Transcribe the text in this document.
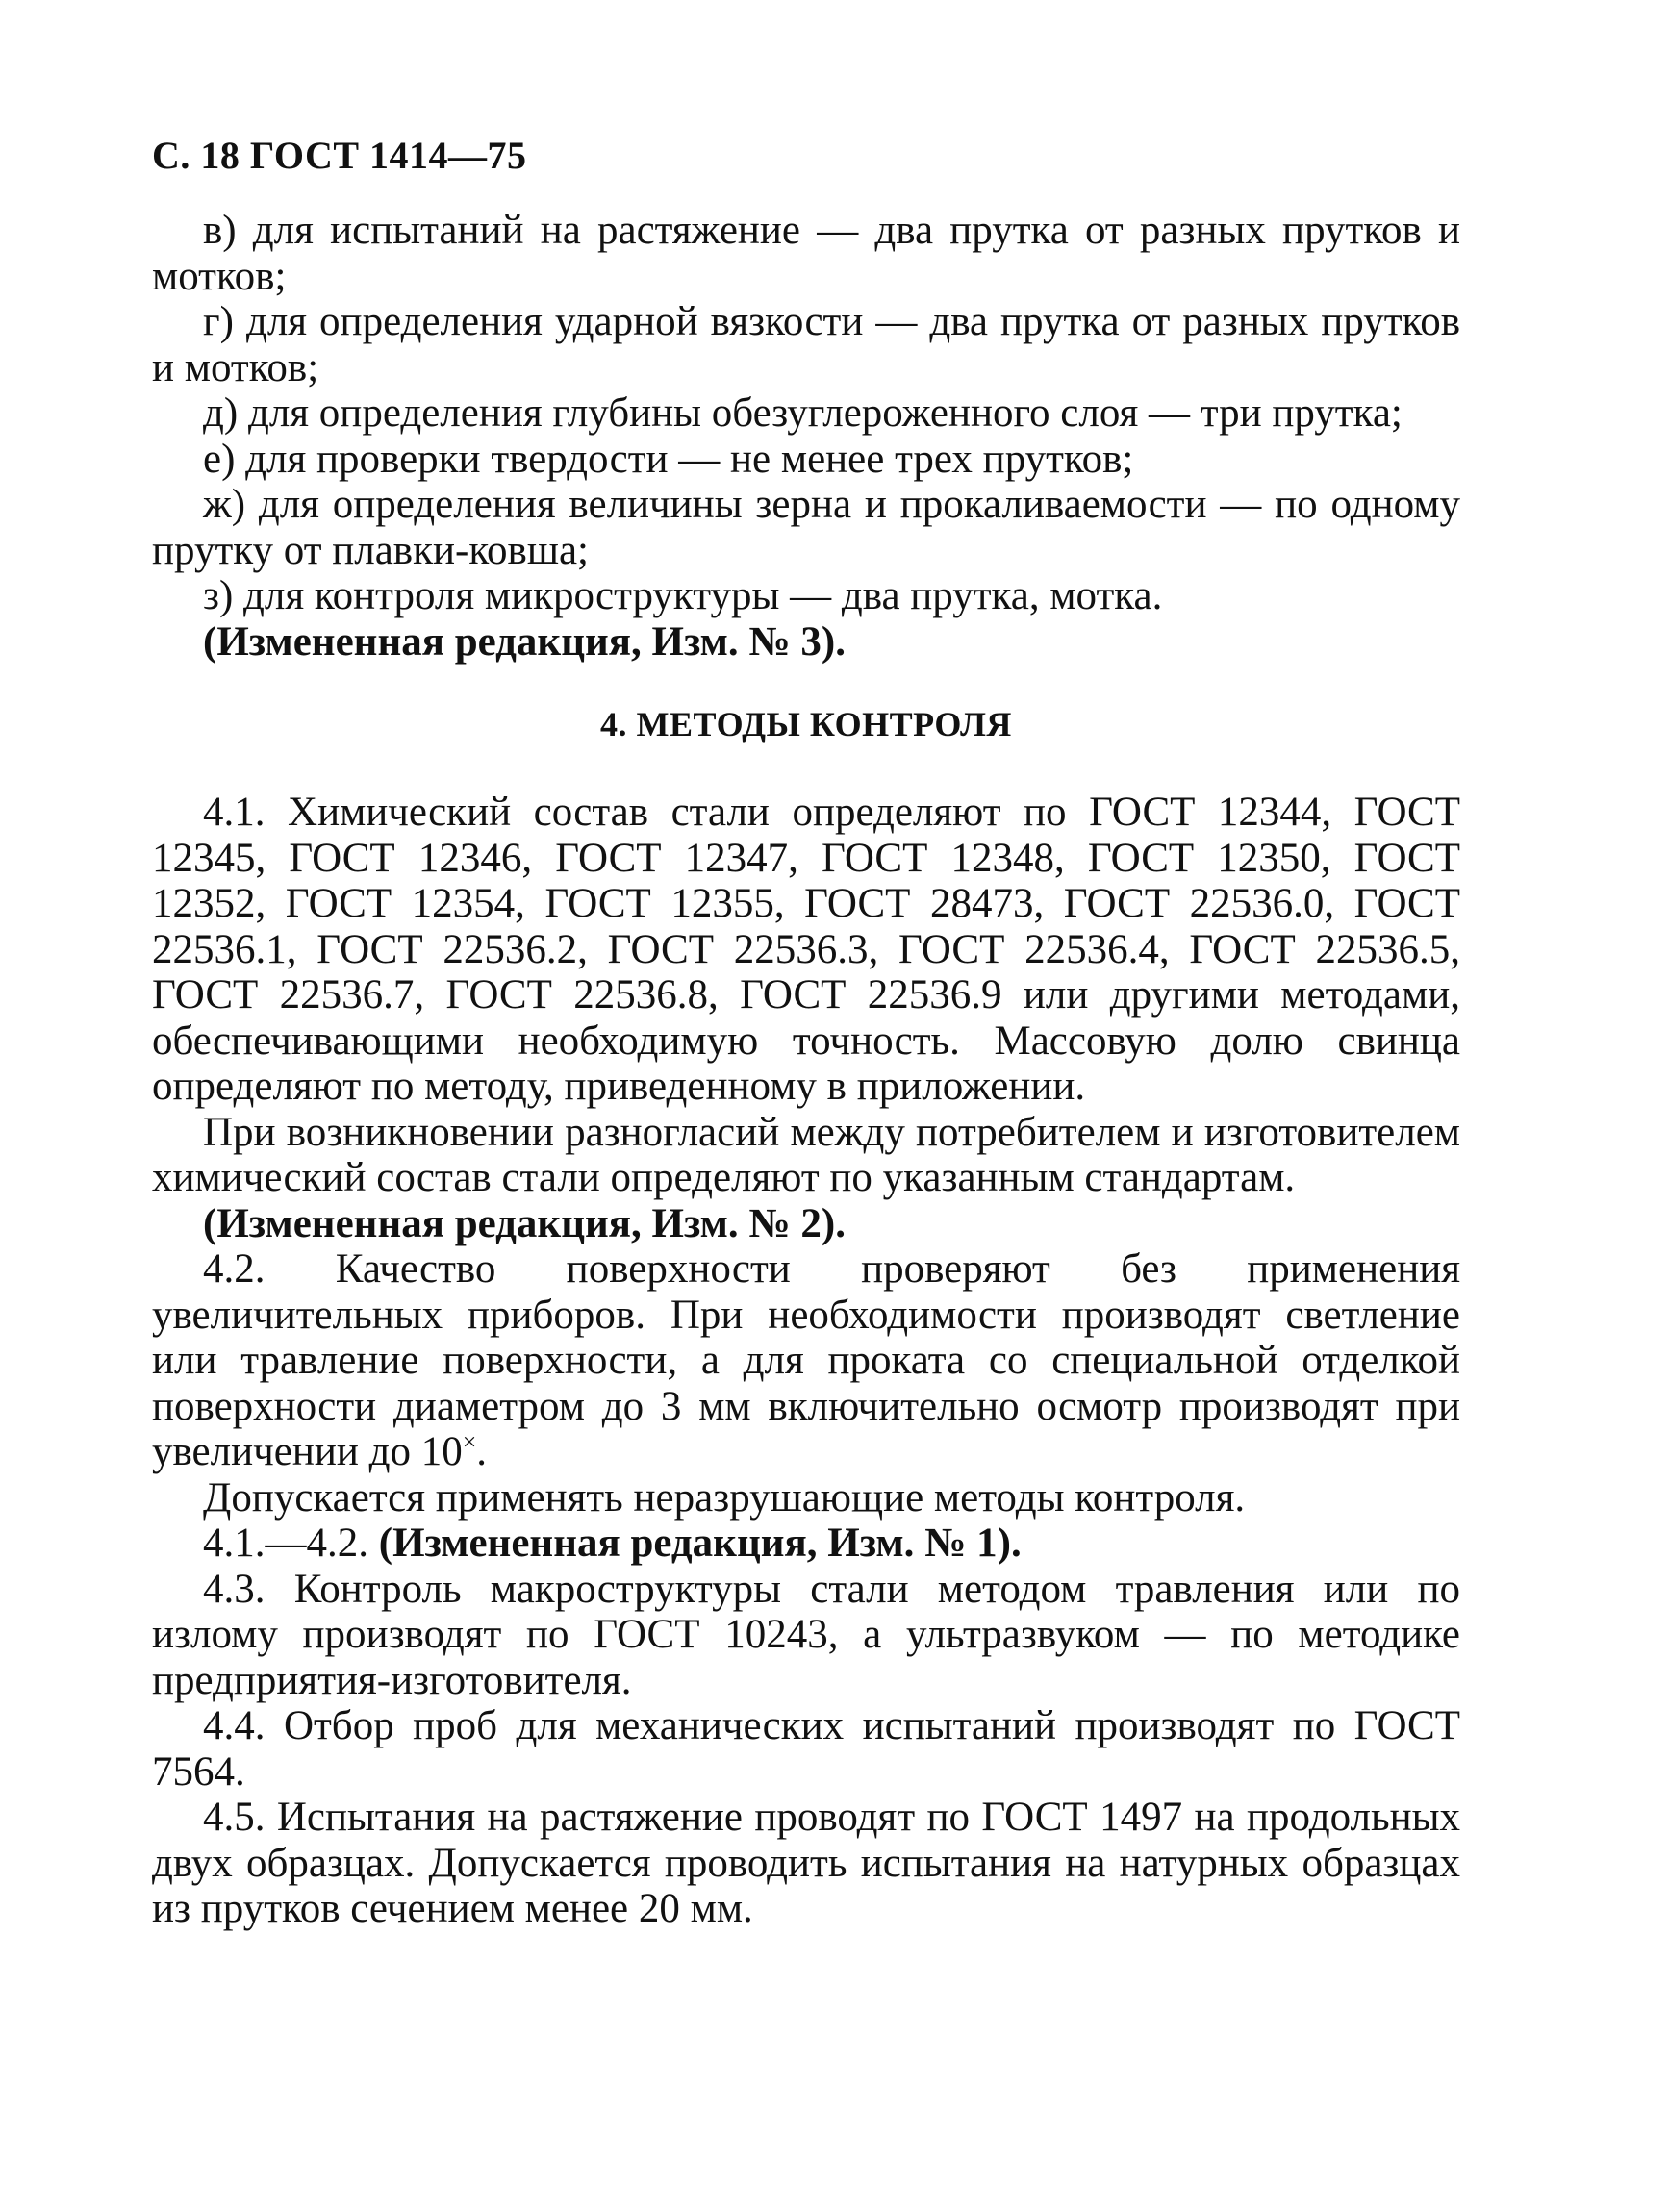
С. 18 ГОСТ 1414—75

в) для испытаний на растяжение — два прутка от разных прутков и мотков;

г) для определения ударной вязкости — два прутка от разных прутков и мотков;

д) для определения глубины обезуглероженного слоя — три прутка;

е) для проверки твердости — не менее трех прутков;

ж) для определения величины зерна и прокаливаемости — по одному прутку от плавки-ковша;

з) для контроля микроструктуры — два прутка, мотка.

(Измененная редакция, Изм. № 3).

4. МЕТОДЫ КОНТРОЛЯ

4.1. Химический состав стали определяют по ГОСТ 12344, ГОСТ 12345, ГОСТ 12346, ГОСТ 12347, ГОСТ 12348, ГОСТ 12350, ГОСТ 12352, ГОСТ 12354, ГОСТ 12355, ГОСТ 28473, ГОСТ 22536.0, ГОСТ 22536.1, ГОСТ 22536.2, ГОСТ 22536.3, ГОСТ 22536.4, ГОСТ 22536.5, ГОСТ 22536.7, ГОСТ 22536.8, ГОСТ 22536.9 или другими методами, обеспечивающими необходимую точность. Массовую долю свинца определяют по методу, приведенному в приложении.

При возникновении разногласий между потребителем и изготовителем химический состав стали определяют по указанным стандартам.

(Измененная редакция, Изм. № 2).

4.2. Качество поверхности проверяют без применения увеличительных приборов. При необходимости производят светление или травление поверхности, а для проката со специальной отделкой поверхности диаметром до 3 мм включительно осмотр производят при увеличении до 10×.

Допускается применять неразрушающие методы контроля.

4.1.—4.2. (Измененная редакция, Изм. № 1).

4.3. Контроль макроструктуры стали методом травления или по излому производят по ГОСТ 10243, а ультразвуком — по методике предприятия-изготовителя.

4.4. Отбор проб для механических испытаний производят по ГОСТ 7564.

4.5. Испытания на растяжение проводят по ГОСТ 1497 на продольных двух образцах. Допускается проводить испытания на натурных образцах из прутков сечением менее 20 мм.
